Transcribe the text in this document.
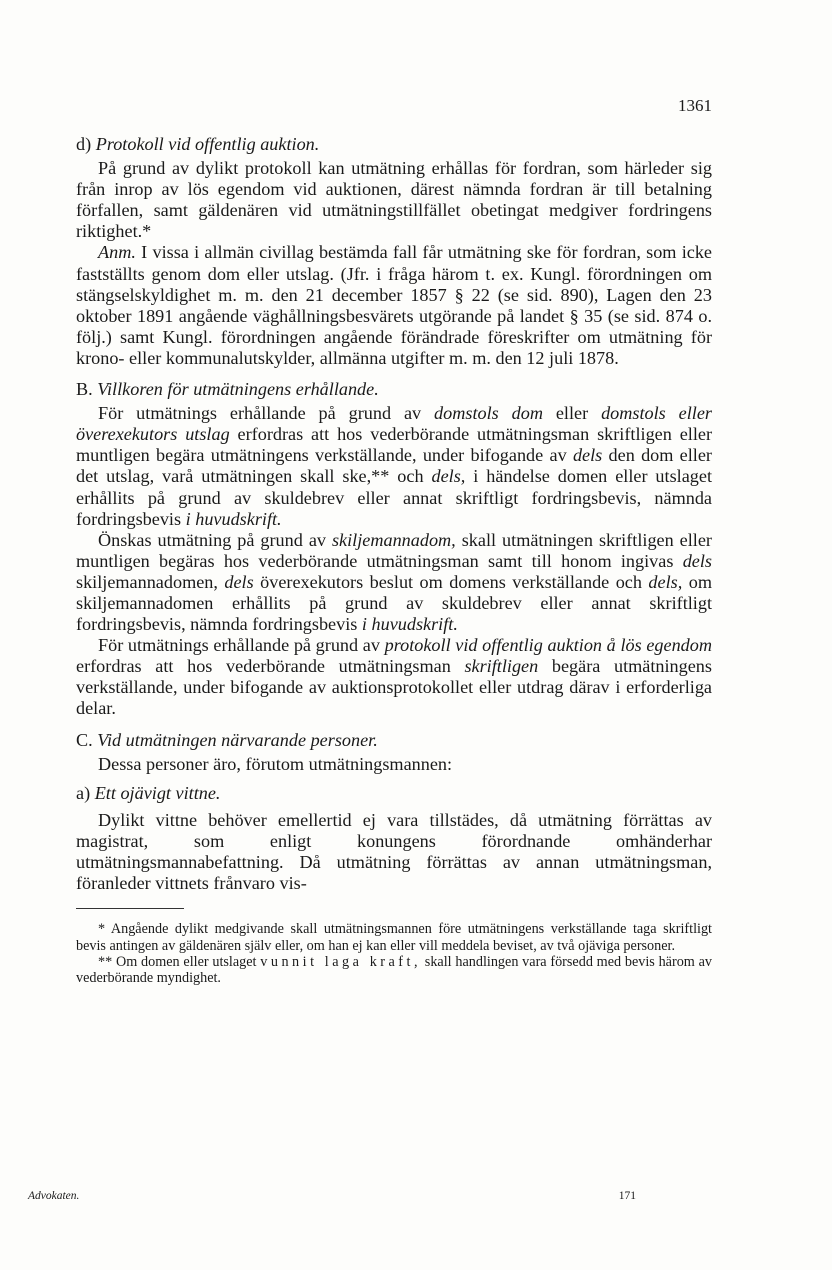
1361

d) Protokoll vid offentlig auktion.

På grund av dylikt protokoll kan utmätning erhållas för fordran, som härleder sig från inrop av lös egendom vid auktionen, därest nämnda fordran är till betalning förfallen, samt gäldenären vid utmätningstillfället obetingat medgiver fordringens riktighet.*

Anm. I vissa i allmän civillag bestämda fall får utmätning ske för fordran, som icke fastställts genom dom eller utslag. (Jfr. i fråga härom t. ex. Kungl. förordningen om stängselskyldighet m. m. den 21 december 1857 § 22 (se sid. 890), Lagen den 23 oktober 1891 angående väghållningsbesvärets utgörande på landet § 35 (se sid. 874 o. följ.) samt Kungl. förordningen angående förändrade föreskrifter om utmätning för krono- eller kommunalutskylder, allmänna utgifter m. m. den 12 juli 1878.

B. Villkoren för utmätningens erhållande.

För utmätnings erhållande på grund av domstols dom eller domstols eller överexekutors utslag erfordras att hos vederbörande utmätningsman skriftligen eller muntligen begära utmätningens verkställande, under bifogande av dels den dom eller det utslag, varå utmätningen skall ske,** och dels, i händelse domen eller utslaget erhållits på grund av skuldebrev eller annat skriftligt fordringsbevis, nämnda fordringsbevis i huvudskrift.

Önskas utmätning på grund av skiljemannadom, skall utmätningen skriftligen eller muntligen begäras hos vederbörande utmätningsman samt till honom ingivas dels skiljemannadomen, dels överexekutors beslut om domens verkställande och dels, om skiljemannadomen erhållits på grund av skuldebrev eller annat skriftligt fordringsbevis, nämnda fordringsbevis i huvudskrift.

För utmätnings erhållande på grund av protokoll vid offentlig auktion å lös egendom erfordras att hos vederbörande utmätningsman skriftligen begära utmätningens verkställande, under bifogande av auktionsprotokollet eller utdrag därav i erforderliga delar.

C. Vid utmätningen närvarande personer.

Dessa personer äro, förutom utmätningsmannen:

a) Ett ojävigt vittne.

Dylikt vittne behöver emellertid ej vara tillstädes, då utmätning förrättas av magistrat, som enligt konungens förordnande omhänderhar utmätningsmannabefattning. Då utmätning förrättas av annan utmätningsman, föranleder vittnets frånvaro vis-

* Angående dylikt medgivande skall utmätningsmannen före utmätningens verkställande taga skriftligt bevis antingen av gäldenären själv eller, om han ej kan eller vill meddela beviset, av två ojäviga personer.

** Om domen eller utslaget vunnit laga kraft, skall handlingen vara försedd med bevis härom av vederbörande myndighet.

Advokaten.	171
